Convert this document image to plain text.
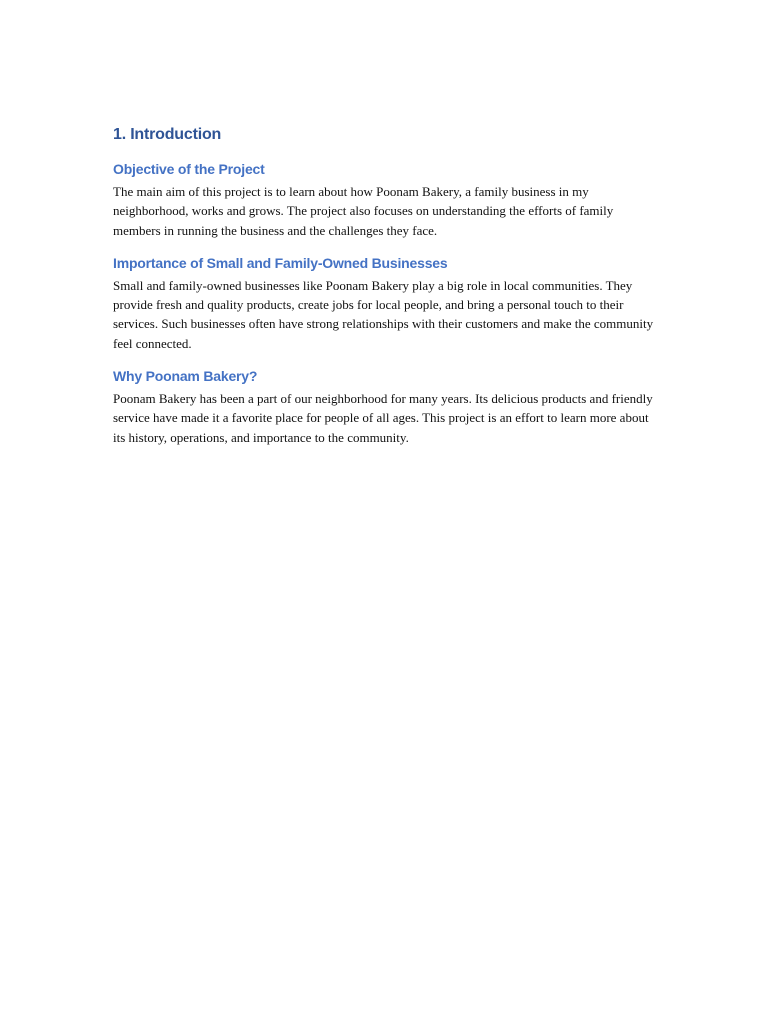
1. Introduction
Objective of the Project

The main aim of this project is to learn about how Poonam Bakery, a family business in my neighborhood, works and grows. The project also focuses on understanding the efforts of family members in running the business and the challenges they face.

Importance of Small and Family-Owned Businesses

Small and family-owned businesses like Poonam Bakery play a big role in local communities. They provide fresh and quality products, create jobs for local people, and bring a personal touch to their services. Such businesses often have strong relationships with their customers and make the community feel connected.

Why Poonam Bakery?

Poonam Bakery has been a part of our neighborhood for many years. Its delicious products and friendly service have made it a favorite place for people of all ages. This project is an effort to learn more about its history, operations, and importance to the community.
